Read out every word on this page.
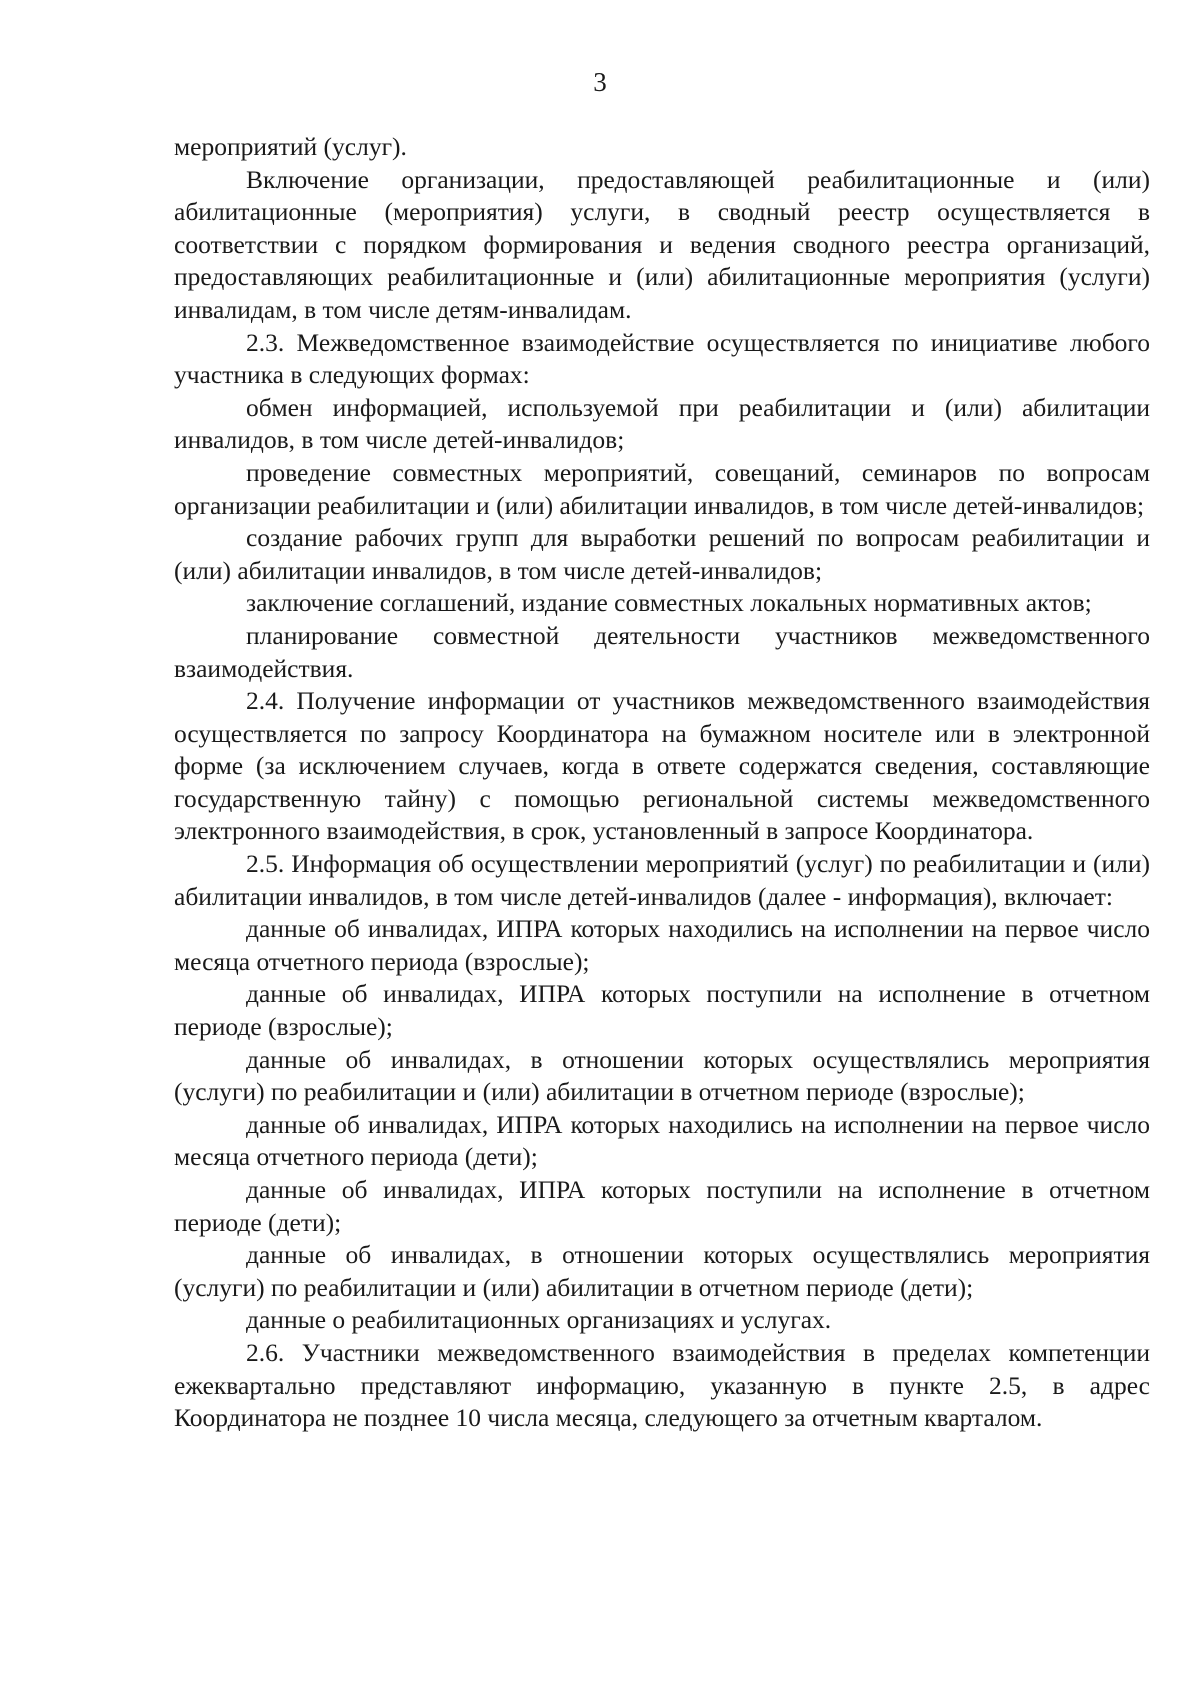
3

мероприятий (услуг).

Включение организации, предоставляющей реабилитационные и (или) абилитационные (мероприятия) услуги, в сводный реестр осуществляется в соответствии с порядком формирования и ведения сводного реестра организаций, предоставляющих реабилитационные и (или) абилитационные мероприятия (услуги) инвалидам, в том числе детям-инвалидам.

2.3. Межведомственное взаимодействие осуществляется по инициативе любого участника в следующих формах:

обмен информацией, используемой при реабилитации и (или) абилитации инвалидов, в том числе детей-инвалидов;

проведение совместных мероприятий, совещаний, семинаров по вопросам организации реабилитации и (или) абилитации инвалидов, в том числе детей-инвалидов;

создание рабочих групп для выработки решений по вопросам реабилитации и (или) абилитации инвалидов, в том числе детей-инвалидов;

заключение соглашений, издание совместных локальных нормативных актов;

планирование совместной деятельности участников межведомственного взаимодействия.

2.4. Получение информации от участников межведомственного взаимодействия осуществляется по запросу Координатора на бумажном носителе или в электронной форме (за исключением случаев, когда в ответе содержатся сведения, составляющие государственную тайну) с помощью региональной системы межведомственного электронного взаимодействия, в срок, установленный в запросе Координатора.

2.5. Информация об осуществлении мероприятий (услуг) по реабилитации и (или) абилитации инвалидов, в том числе детей-инвалидов (далее - информация), включает:

данные об инвалидах, ИПРА которых находились на исполнении на первое число месяца отчетного периода (взрослые);

данные об инвалидах, ИПРА которых поступили на исполнение в отчетном периоде (взрослые);

данные об инвалидах, в отношении которых осуществлялись мероприятия (услуги) по реабилитации и (или) абилитации в отчетном периоде (взрослые);

данные об инвалидах, ИПРА которых находились на исполнении на первое число месяца отчетного периода (дети);

данные об инвалидах, ИПРА которых поступили на исполнение в отчетном периоде (дети);

данные об инвалидах, в отношении которых осуществлялись мероприятия (услуги) по реабилитации и (или) абилитации в отчетном периоде (дети);

данные о реабилитационных организациях и услугах.

2.6. Участники межведомственного взаимодействия в пределах компетенции ежеквартально представляют информацию, указанную в пункте 2.5, в адрес Координатора не позднее 10 числа месяца, следующего за отчетным кварталом.
